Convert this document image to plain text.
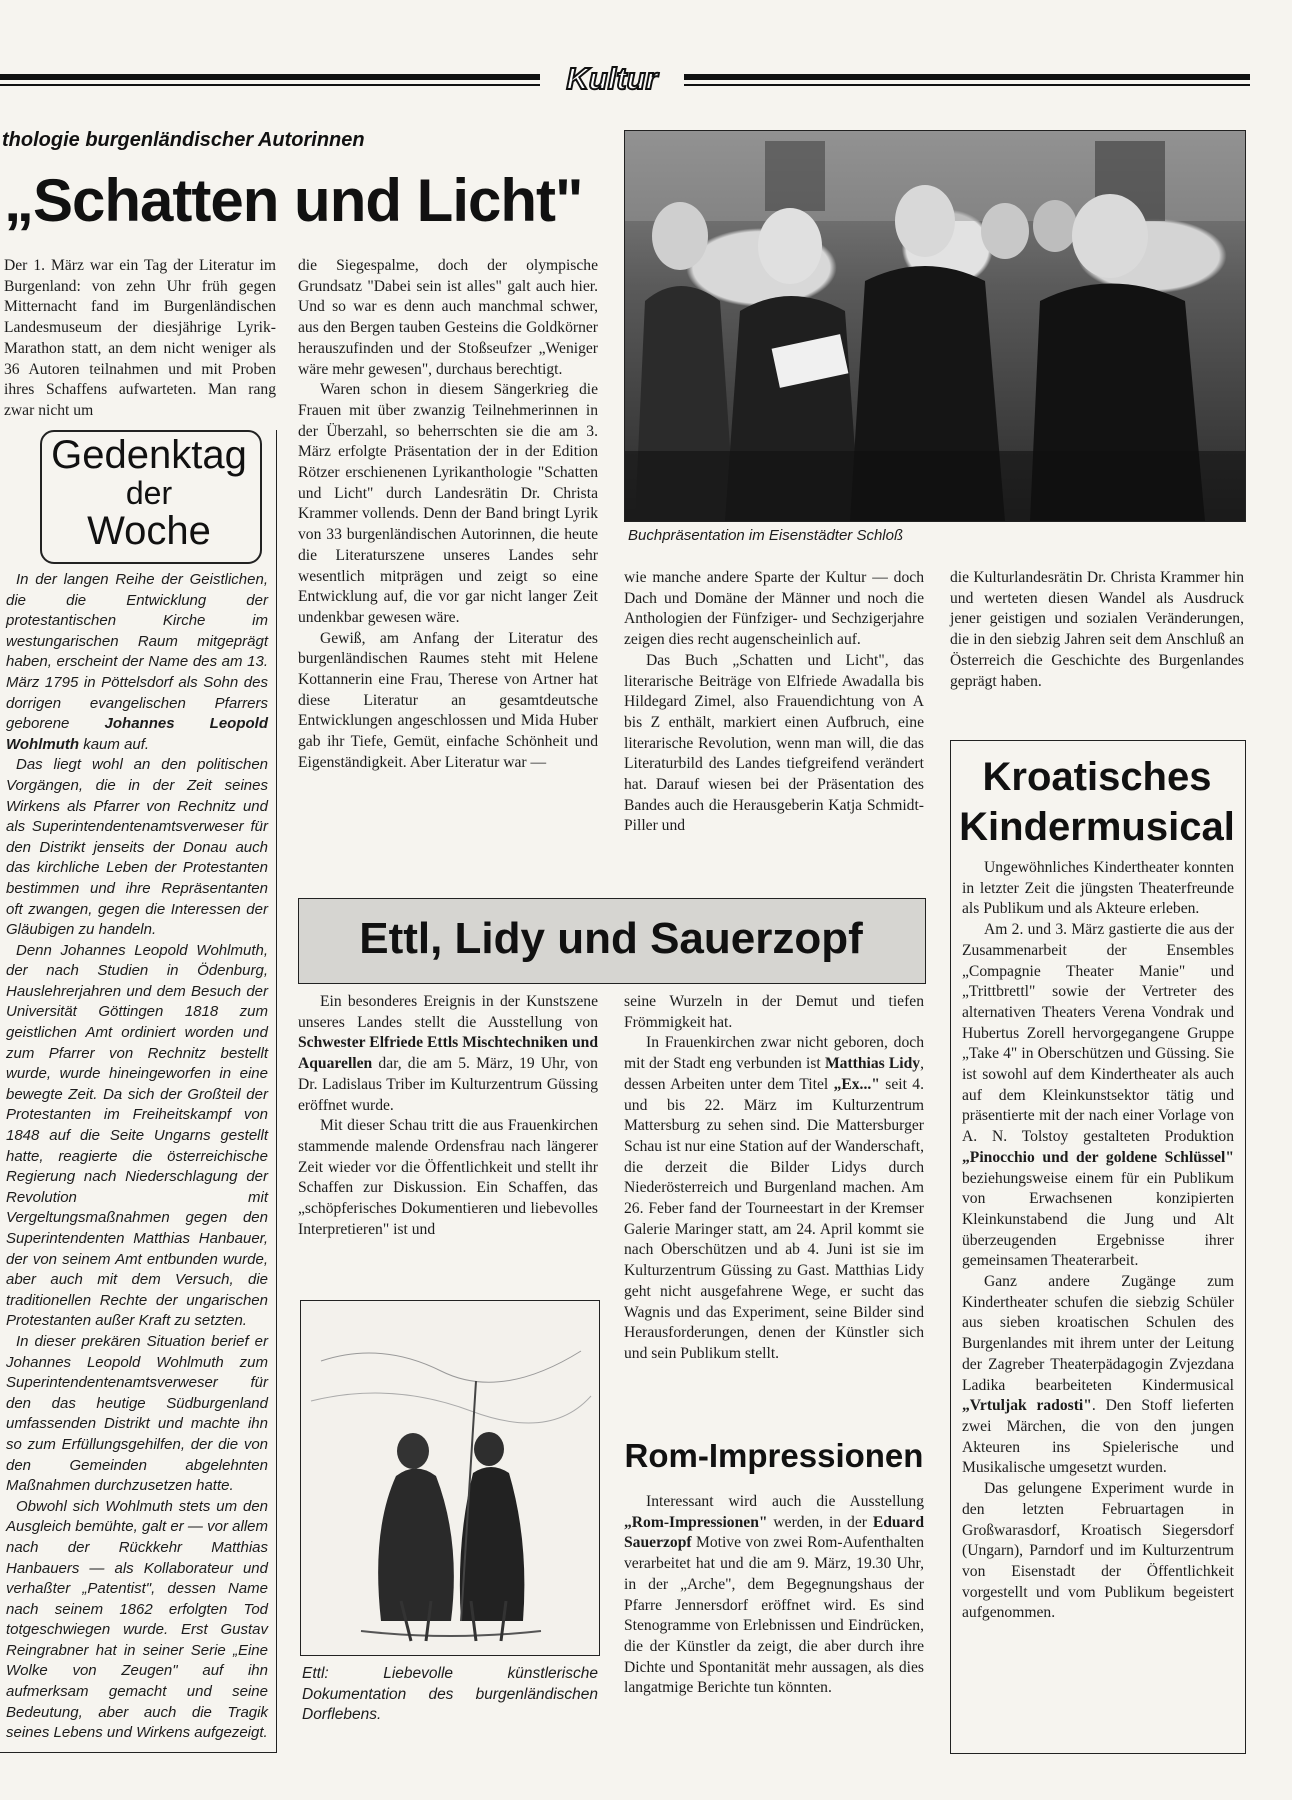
Kultur
thologie burgenländischer Autorinnen
„Schatten und Licht"

Der 1. März war ein Tag der Literatur im Burgenland: von zehn Uhr früh gegen Mitternacht fand im Burgenländischen Landesmuseum der diesjährige Lyrik-Marathon statt, an dem nicht weniger als 36 Autoren teilnahmen und mit Proben ihres Schaffens aufwarteten. Man rang zwar nicht um

Gedenktag
der
Woche

In der langen Reihe der Geistlichen, die die Entwicklung der protestantischen Kirche im westungarischen Raum mitgeprägt haben, erscheint der Name des am 13. März 1795 in Pöttelsdorf als Sohn des dorrigen evangelischen Pfarrers geborene Johannes Leopold Wohlmuth kaum auf.

Das liegt wohl an den politischen Vorgängen, die in der Zeit seines Wirkens als Pfarrer von Rechnitz und als Superintendentenamtsverweser für den Distrikt jenseits der Donau auch das kirchliche Leben der Protestanten bestimmen und ihre Repräsentanten oft zwangen, gegen die Interessen der Gläubigen zu handeln.

Denn Johannes Leopold Wohlmuth, der nach Studien in Ödenburg, Hauslehrerjahren und dem Besuch der Universität Göttingen 1818 zum geistlichen Amt ordiniert worden und zum Pfarrer von Rechnitz bestellt wurde, wurde hineingeworfen in eine bewegte Zeit. Da sich der Großteil der Protestanten im Freiheitskampf von 1848 auf die Seite Ungarns gestellt hatte, reagierte die österreichische Regierung nach Niederschlagung der Revolution mit Vergeltungsmaßnahmen gegen den Superintendenten Matthias Hanbauer, der von seinem Amt entbunden wurde, aber auch mit dem Versuch, die traditionellen Rechte der ungarischen Protestanten außer Kraft zu setzten.

In dieser prekären Situation berief er Johannes Leopold Wohlmuth zum Superintendentenamtsverweser für den das heutige Südburgenland umfassenden Distrikt und machte ihn so zum Erfüllungsgehilfen, der die von den Gemeinden abgelehnten Maßnahmen durchzusetzen hatte.

Obwohl sich Wohlmuth stets um den Ausgleich bemühte, galt er — vor allem nach der Rückkehr Matthias Hanbauers — als Kollaborateur und verhaßter „Patentist", dessen Name nach seinem 1862 erfolgten Tod totgeschwiegen wurde. Erst Gustav Reingrabner hat in seiner Serie „Eine Wolke von Zeugen" auf ihn aufmerksam gemacht und seine Bedeutung, aber auch die Tragik seines Lebens und Wirkens aufgezeigt.

die Siegespalme, doch der olympische Grundsatz "Dabei sein ist alles" galt auch hier. Und so war es denn auch manchmal schwer, aus den Bergen tauben Gesteins die Goldkörner herauszufinden und der Stoßseufzer „Weniger wäre mehr gewesen", durchaus berechtigt.

Waren schon in diesem Sängerkrieg die Frauen mit über zwanzig Teilnehmerinnen in der Überzahl, so beherrschten sie die am 3. März erfolgte Präsentation der in der Edition Rötzer erschienenen Lyrikanthologie "Schatten und Licht" durch Landesrätin Dr. Christa Krammer vollends. Denn der Band bringt Lyrik von 33 burgenländischen Autorinnen, die heute die Literaturszene unseres Landes sehr wesentlich mitprägen und zeigt so eine Entwicklung auf, die vor gar nicht langer Zeit undenkbar gewesen wäre.

Gewiß, am Anfang der Literatur des burgenländischen Raumes steht mit Helene Kottannerin eine Frau, Therese von Artner hat diese Literatur an gesamtdeutsche Entwicklungen angeschlossen und Mida Huber gab ihr Tiefe, Gemüt, einfache Schönheit und Eigenständigkeit. Aber Literatur war —

Buchpräsentation im Eisenstädter Schloß

wie manche andere Sparte der Kultur — doch Dach und Domäne der Männer und noch die Anthologien der Fünfziger- und Sechzigerjahre zeigen dies recht augenscheinlich auf.

Das Buch „Schatten und Licht", das literarische Beiträge von Elfriede Awadalla bis Hildegard Zimel, also Frauendichtung von A bis Z enthält, markiert einen Aufbruch, eine literarische Revolution, wenn man will, die das Literaturbild des Landes tiefgreifend verändert hat. Darauf wiesen bei der Präsentation des Bandes auch die Herausgeberin Katja Schmidt-Piller und

die Kulturlandesrätin Dr. Christa Krammer hin und werteten diesen Wandel als Ausdruck jener geistigen und sozialen Veränderungen, die in den siebzig Jahren seit dem Anschluß an Österreich die Geschichte des Burgenlandes geprägt haben.

Ettl, Lidy und Sauerzopf

Ein besonderes Ereignis in der Kunstszene unseres Landes stellt die Ausstellung von Schwester Elfriede Ettls Mischtechniken und Aquarellen dar, die am 5. März, 19 Uhr, von Dr. Ladislaus Triber im Kulturzentrum Güssing eröffnet wurde.

Mit dieser Schau tritt die aus Frauenkirchen stammende malende Ordensfrau nach längerer Zeit wieder vor die Öffentlichkeit und stellt ihr Schaffen zur Diskussion. Ein Schaffen, das „schöpferisches Dokumentieren und liebevolles Interpretieren" ist und

Ettl: Liebevolle künstlerische Dokumentation des burgenländischen Dorflebens.

seine Wurzeln in der Demut und tiefen Frömmigkeit hat.

In Frauenkirchen zwar nicht geboren, doch mit der Stadt eng verbunden ist Matthias Lidy, dessen Arbeiten unter dem Titel „Ex..." seit 4. und bis 22. März im Kulturzentrum Mattersburg zu sehen sind. Die Mattersburger Schau ist nur eine Station auf der Wanderschaft, die derzeit die Bilder Lidys durch Niederösterreich und Burgenland machen. Am 26. Feber fand der Tourneestart in der Kremser Galerie Maringer statt, am 24. April kommt sie nach Oberschützen und ab 4. Juni ist sie im Kulturzentrum Güssing zu Gast. Matthias Lidy geht nicht ausgefahrene Wege, er sucht das Wagnis und das Experiment, seine Bilder sind Herausforderungen, denen der Künstler sich und sein Publikum stellt.

Rom-Impressionen

Interessant wird auch die Ausstellung „Rom-Impressionen" werden, in der Eduard Sauerzopf Motive von zwei Rom-Aufenthalten verarbeitet hat und die am 9. März, 19.30 Uhr, in der „Arche", dem Begegnungshaus der Pfarre Jennersdorf eröffnet wird. Es sind Stenogramme von Erlebnissen und Eindrücken, die der Künstler da zeigt, die aber durch ihre Dichte und Spontanität mehr aussagen, als dies langatmige Berichte tun könnten.

Kroatisches
Kindermusical

Ungewöhnliches Kindertheater konnten in letzter Zeit die jüngsten Theaterfreunde als Publikum und als Akteure erleben.

Am 2. und 3. März gastierte die aus der Zusammenarbeit der Ensembles „Compagnie Theater Manie" und „Trittbrettl" sowie der Vertreter des alternativen Theaters Verena Vondrak und Hubertus Zorell hervorgegangene Gruppe „Take 4" in Oberschützen und Güssing. Sie ist sowohl auf dem Kindertheater als auch auf dem Kleinkunstsektor tätig und präsentierte mit der nach einer Vorlage von A. N. Tolstoy gestalteten Produktion „Pinocchio und der goldene Schlüssel" beziehungsweise einem für ein Publikum von Erwachsenen konzipierten Kleinkunstabend die Jung und Alt überzeugenden Ergebnisse ihrer gemeinsamen Theaterarbeit.

Ganz andere Zugänge zum Kindertheater schufen die siebzig Schüler aus sieben kroatischen Schulen des Burgenlandes mit ihrem unter der Leitung der Zagreber Theaterpädagogin Zvjezdana Ladika bearbeiteten Kindermusical „Vrtuljak radosti". Den Stoff lieferten zwei Märchen, die von den jungen Akteuren ins Spielerische und Musikalische umgesetzt wurden.

Das gelungene Experiment wurde in den letzten Februartagen in Großwarasdorf, Kroatisch Siegersdorf (Ungarn), Parndorf und im Kulturzentrum von Eisenstadt der Öffentlichkeit vorgestellt und vom Publikum begeistert aufgenommen.
